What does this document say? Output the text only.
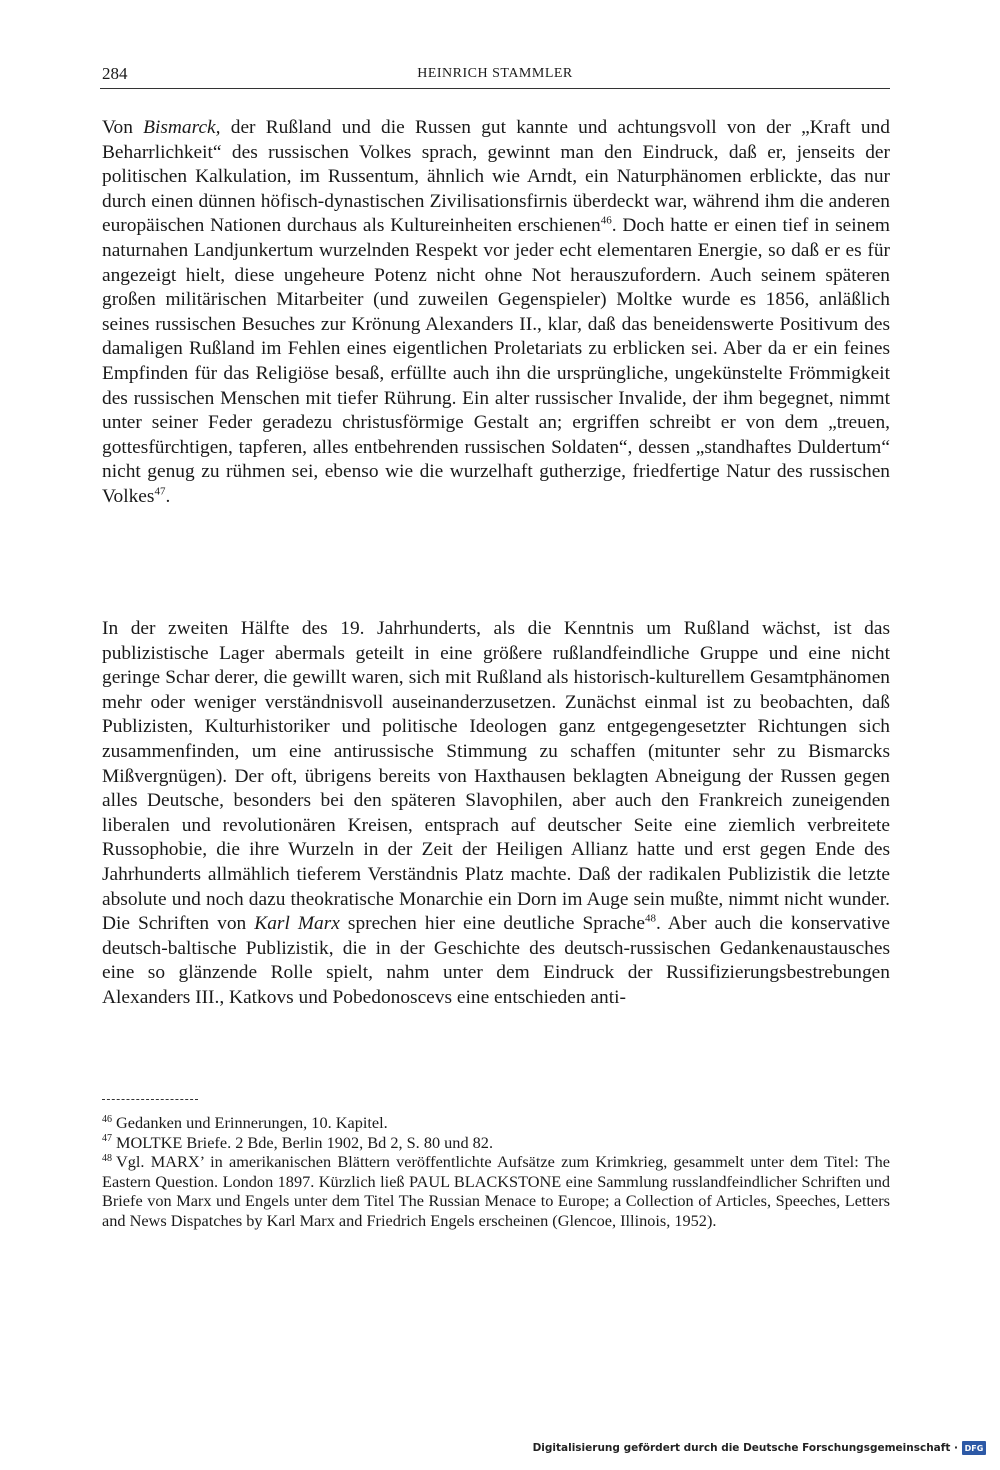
284	HEINRICH STAMMLER

Von Bismarck, der Rußland und die Russen gut kannte und achtungsvoll von der „Kraft und Beharrlichkeit“ des russischen Volkes sprach, gewinnt man den Eindruck, daß er, jenseits der politischen Kalkulation, im Russentum, ähnlich wie Arndt, ein Naturphänomen erblickte, das nur durch einen dünnen höfisch-dynastischen Zivilisationsfirnis überdeckt war, während ihm die anderen europäischen Nationen durchaus als Kultureinheiten erschienen$^{46}$. Doch hatte er einen tief in seinem naturnahen Landjunkertum wurzelnden Respekt vor jeder echt elementaren Energie, so daß er es für angezeigt hielt, diese ungeheure Potenz nicht ohne Not herauszufordern. Auch seinem späteren großen militärischen Mitarbeiter (und zuweilen Gegenspieler) Moltke wurde es 1856, anläßlich seines russischen Besuches zur Krönung Alexanders II., klar, daß das beneidenswerte Positivum des damaligen Rußland im Fehlen eines eigentlichen Proletariats zu erblicken sei. Aber da er ein feines Empfinden für das Religiöse besaß, erfüllte auch ihn die ursprüngliche, ungekünstelte Frömmigkeit des russischen Menschen mit tiefer Rührung. Ein alter russischer Invalide, der ihm begegnet, nimmt unter seiner Feder geradezu christusförmige Gestalt an; ergriffen schreibt er von dem „treuen, gottesfürchtigen, tapferen, alles entbehrenden russischen Soldaten“, dessen „standhaftes Duldertum“ nicht genug zu rühmen sei, ebenso wie die wurzelhaft gutherzige, friedfertige Natur des russischen Volkes$^{47}$.

In der zweiten Hälfte des 19. Jahrhunderts, als die Kenntnis um Rußland wächst, ist das publizistische Lager abermals geteilt in eine größere rußlandfeindliche Gruppe und eine nicht geringe Schar derer, die gewillt waren, sich mit Rußland als historisch-kulturellem Gesamtphänomen mehr oder weniger verständnisvoll auseinanderzusetzen. Zunächst einmal ist zu beobachten, daß Publizisten, Kulturhistoriker und politische Ideologen ganz entgegengesetzter Richtungen sich zusammenfinden, um eine antirussische Stimmung zu schaffen (mitunter sehr zu Bismarcks Mißvergnügen). Der oft, übrigens bereits von Haxthausen beklagten Abneigung der Russen gegen alles Deutsche, besonders bei den späteren Slavophilen, aber auch den Frankreich zuneigenden liberalen und revolutionären Kreisen, entsprach auf deutscher Seite eine ziemlich verbreitete Russophobie, die ihre Wurzeln in der Zeit der Heiligen Allianz hatte und erst gegen Ende des Jahrhunderts allmählich tieferem Verständnis Platz machte. Daß der radikalen Publizistik die letzte absolute und noch dazu theokratische Monarchie ein Dorn im Auge sein mußte, nimmt nicht wunder. Die Schriften von Karl Marx sprechen hier eine deutliche Sprache$^{48}$. Aber auch die konservative deutsch-baltische Publizistik, die in der Geschichte des deutsch-russischen Gedankenaustausches eine so glänzende Rolle spielt, nahm unter dem Eindruck der Russifizierungsbestrebungen Alexanders III., Katkovs und Pobedonoscevs eine entschieden anti-

$^{46}$ Gedanken und Erinnerungen, 10. Kapitel.

$^{47}$ MOLTKE Briefe. 2 Bde, Berlin 1902, Bd 2, S. 80 und 82.

$^{48}$ Vgl. MARX’ in amerikanischen Blättern veröffentlichte Aufsätze zum Krimkrieg, gesammelt unter dem Titel: The Eastern Question. London 1897. Kürzlich ließ PAUL BLACKSTONE eine Sammlung russlandfeindlicher Schriften und Briefe von Marx und Engels unter dem Titel The Russian Menace to Europe; a Collection of Articles, Speeches, Letters and News Dispatches by Karl Marx and Friedrich Engels erscheinen (Glencoe, Illinois, 1952).

Digitalisierung gefördert durch die Deutsche Forschungsgemeinschaft · DFG
